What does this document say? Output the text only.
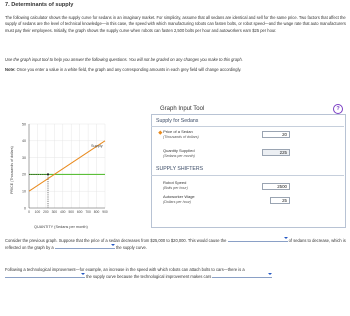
7. Determinants of supply
The following calculator shows the supply curve for sedans in an imaginary market. For simplicity, assume that all sedans are identical and sell for the same price. Two factors that affect the supply of sedans are the level of technical knowledge—in this case, the speed with which manufacturing robots can fasten bolts, or robot speed—and the wage rate that auto manufacturers must pay their employees. Initially, the graph shows the supply curve when robots can fasten 2,500 bolts per hour and autoworkers earn $25 per hour.
Use the graph input tool to help you answer the following questions. You will not be graded on any changes you make to this graph.
Note: Once you enter a value in a white field, the graph and any corresponding amounts in each grey field will change accordingly.
0
10
20
30
40
50
0 100 200 300 400 500 600 700 800 900
Supply
PRICE (Thousands of dollars)
QUANTITY (Sedans per month)
Graph Input Tool	?
Supply for Sedans
Price of a Sedan
(Thousands of dollars)	20
Quantity Supplied
(Sedans per month)
225
SUPPLY SHIFTERS
Robot Speed
(Bolts per hour)	2500
Autoworker Wage
(Dollars per hour)	25
Consider the previous graph. Suppose that the price of a sedan decreases from $25,000 to $20,000. This would cause the	of sedans to decrease, which is reflected on the graph by a	the supply curve.
Following a technological improvement—for example, an increase in the speed with which robots can attach bolts to cars—there is a

the supply curve because the technological improvement makes cars
